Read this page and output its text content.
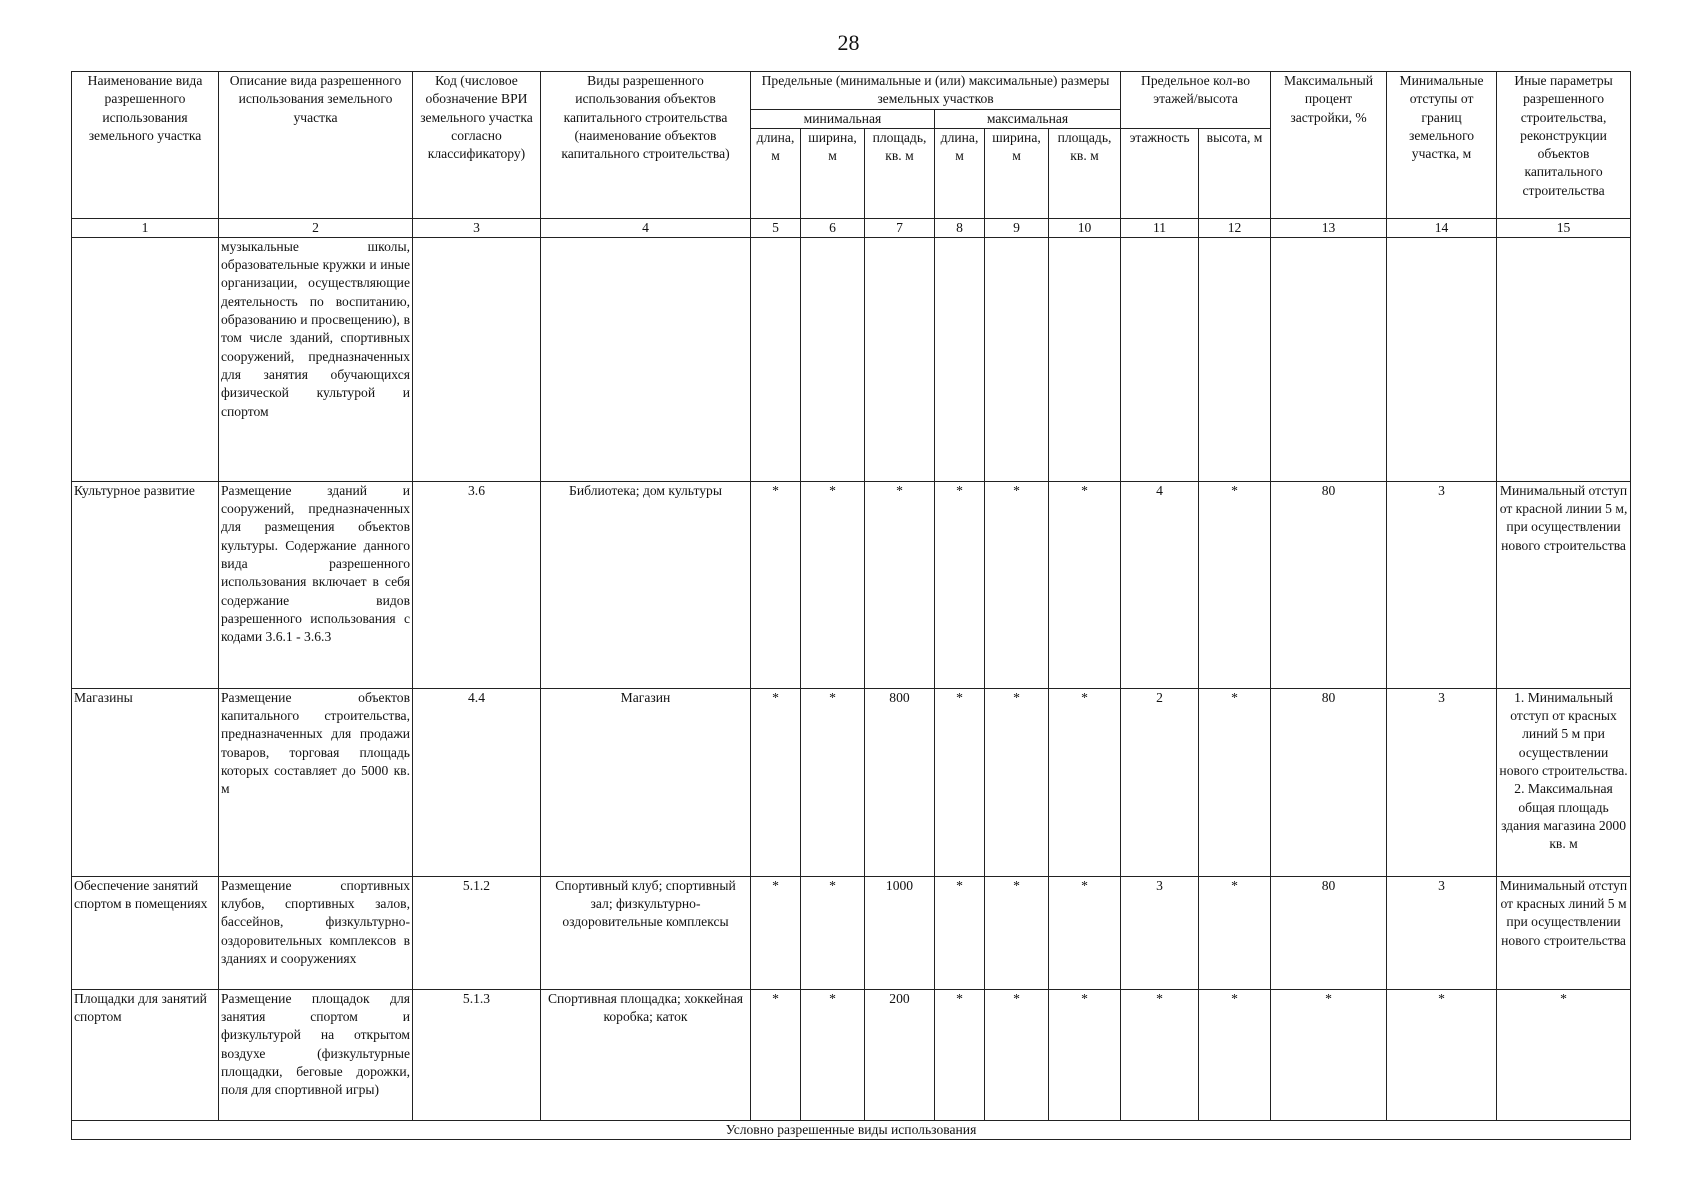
28
Наименование вида разрешенного использования земельного участка	Описание вида разрешенного использования земельного участка	Код (числовое обозначение ВРИ земельного участка согласно классификатору)	Виды разрешенного использования объектов капитального строительства (наименование объектов капитального строительства)	Предельные (минимальные и (или) максимальные) размеры земельных участков						Предельное кол-во этажей/высота		Максимальный процент застройки, %	Минимальные отступы от границ земельного участка, м	Иные параметры разрешенного строительства, реконструкции объектов капитального строительства
				минимальная			максимальная							
				длина, м	ширина, м	площадь, кв. м	длина, м	ширина, м	площадь, кв. м	этажность	высота, м			
1	2	3	4	5	6	7	8	9	10	11	12	13	14	15
	музыкальные школы, образовательные кружки и иные организации, осуществляющие деятельность по воспитанию, образованию и просвещению), в том числе зданий, спортивных сооружений, предназначенных для занятия обучающихся физической культурой и спортом													
Культурное развитие	Размещение зданий и сооружений, предназначенных для размещения объектов культуры. Содержание данного вида разрешенного использования включает в себя содержание видов разрешенного использования с кодами 3.6.1 - 3.6.3	3.6	Библиотека; дом культуры	*	*	*	*	*	*	4	*	80	3	Минимальный отступ от красной линии 5 м, при осуществлении нового строительства
Магазины	Размещение объектов капитального строительства, предназначенных для продажи товаров, торговая площадь которых составляет до 5000 кв. м	4.4	Магазин	*	*	800	*	*	*	2	*	80	3	1. Минимальный отступ от красных линий 5 м при осуществлении нового строительства. 2. Максимальная общая площадь здания магазина 2000 кв. м
Обеспечение занятий спортом в помещениях	Размещение спортивных клубов, спортивных залов, бассейнов, физкультурно-оздоровительных комплексов в зданиях и сооружениях	5.1.2	Спортивный клуб; спортивный зал; физкультурно-оздоровительные комплексы	*	*	1000	*	*	*	3	*	80	3	Минимальный отступ от красных линий 5 м при осуществлении нового строительства
Площадки для занятий спортом	Размещение площадок для занятия спортом и физкультурой на открытом воздухе (физкультурные площадки, беговые дорожки, поля для спортивной игры)	5.1.3	Спортивная площадка; хоккейная коробка; каток	*	*	200	*	*	*	*	*	*	*	*
Условно разрешенные виды использования														
